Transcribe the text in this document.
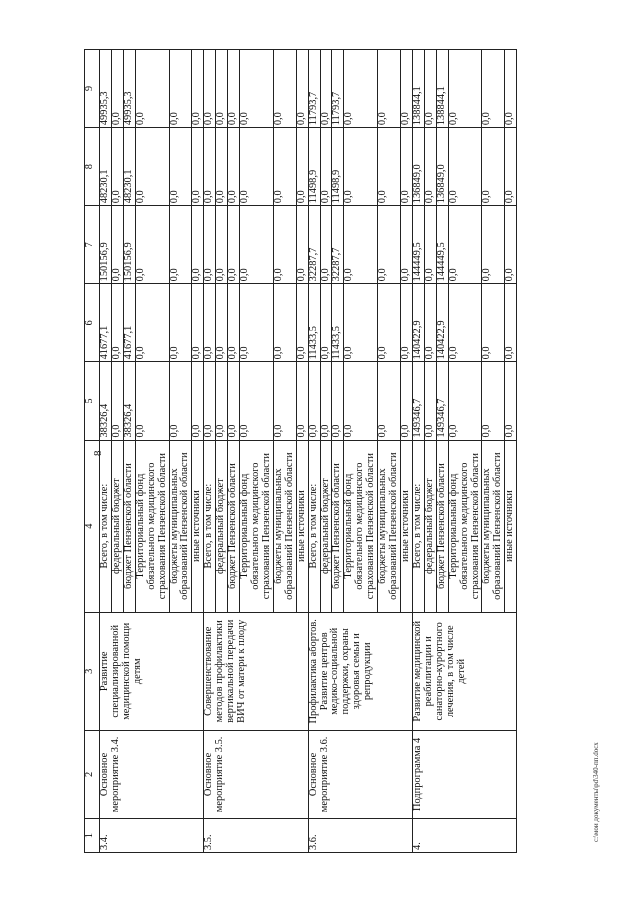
8
1	2	3	4	5	6	7	8	9
3.4.	Основное мероприятие 3.4.	Развитие специализированной медицинской помощи детям	Всего, в том числе:	38326,4	41677,1	150156,9	48230,1	49935,3
			федеральный бюджет	0,0	0,0	0,0	0,0	0,0
			бюджет Пензенской области	38326,4	41677,1	150156,9	48230,1	49935,3
			Территориальный фонд обязательного медицинского страхования Пензенской области	0,0	0,0	0,0	0,0	0,0
			бюджеты муниципальных образований Пензенской области	0,0	0,0	0,0	0,0	0,0
			иные источники	0,0	0,0	0,0	0,0	0,0
3.5.	Основное мероприятие 3.5.	Совершенствование методов профилактики вертикальной передачи ВИЧ от матери к плоду	Всего, в том числе:	0,0	0,0	0,0	0,0	0,0
			федеральный бюджет	0,0	0,0	0,0	0,0	0,0
			бюджет Пензенской области	0,0	0,0	0,0	0,0	0,0
			Территориальный фонд обязательного медицинского страхования Пензенской области	0,0	0,0	0,0	0,0	0,0
			бюджеты муниципальных образований Пензенской области	0,0	0,0	0,0	0,0	0,0
			иные источники	0,0	0,0	0,0	0,0	0,0
3.6.	Основное мероприятие 3.6.	Профилактика абортов. Развитие центров медико-социальной поддержки, охраны здоровья семьи и репродукции	Всего, в том числе:	0,0	11433,5	32287,7	11498,9	11793,7
			федеральный бюджет	0,0	0,0	0,0	0,0	0,0
			бюджет Пензенской области	0,0	11433,5	32287,7	11498,9	11793,7
			Территориальный фонд обязательного медицинского страхования Пензенской области	0,0	0,0	0,0	0,0	0,0
			бюджеты муниципальных образований Пензенской области	0,0	0,0	0,0	0,0	0,0
			иные источники	0,0	0,0	0,0	0,0	0,0
4.	Подпрограмма 4	Развитие медицинской реабилитации и санаторно-курортного лечения, в том числе детей	Всего, в том числе:	149346,7	140422,9	144449,5	136849,0	138844,1
			федеральный бюджет	0,0	0,0	0,0	0,0	0,0
			бюджет Пензенской области	149346,7	140422,9	144449,5	136849,0	138844,1
			Территориальный фонд обязательного медицинского страхования Пензенской области	0,0	0,0	0,0	0,0	0,0
			бюджеты муниципальных образований Пензенской области	0,0	0,0	0,0	0,0	0,0
			иные источники	0,0	0,0	0,0	0,0	0,0
c:\мои документы\pd\340-пп.docx
